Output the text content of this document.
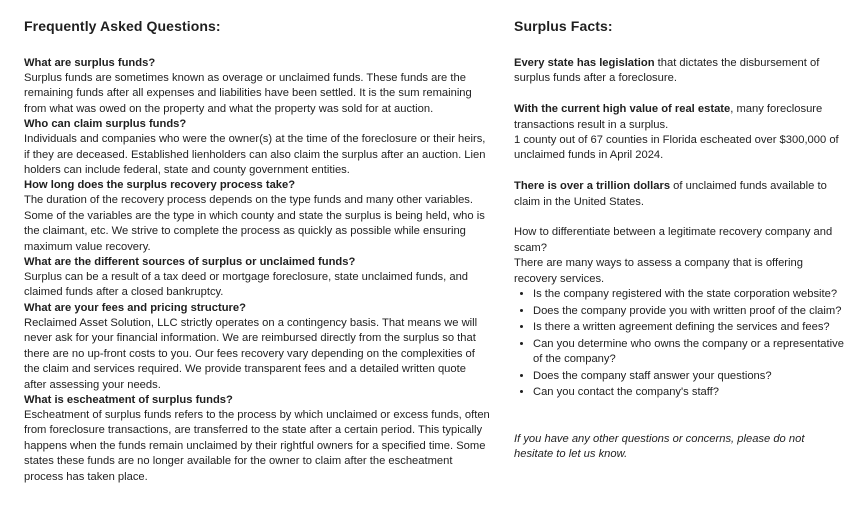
Frequently Asked Questions:

What are surplus funds?

Surplus funds are sometimes known as overage or unclaimed funds. These funds are the remaining funds after all expenses and liabilities have been settled. It is the sum remaining from what was owed on the property and what the property was sold for at auction.

Who can claim surplus funds?

Individuals and companies who were the owner(s) at the time of the foreclosure or their heirs, if they are deceased. Established lienholders can also claim the surplus after an auction. Lien holders can include federal, state and county government entities.

How long does the surplus recovery process take?

The duration of the recovery process depends on the type funds and many other variables. Some of the variables are the type in which county and state the surplus is being held, who is the claimant, etc. We strive to complete the process as quickly as possible while ensuring maximum value recovery.

What are the different sources of surplus or unclaimed funds?

Surplus can be a result of a tax deed or mortgage foreclosure, state unclaimed funds, and claimed funds after a closed bankruptcy.

What are your fees and pricing structure?

Reclaimed Asset Solution, LLC strictly operates on a contingency basis. That means we will never ask for your financial information. We are reimbursed directly from the surplus so that there are no up-front costs to you. Our fees recovery vary depending on the complexities of the claim and services required. We provide transparent fees and a detailed written quote after assessing your needs.

What is escheatment of surplus funds?

Escheatment of surplus funds refers to the process by which unclaimed or excess funds, often from foreclosure transactions, are transferred to the state after a certain period. This typically happens when the funds remain unclaimed by their rightful owners for a specified time. Some states these funds are no longer available for the owner to claim after the escheatment process has taken place.

Surplus Facts:
Every state has legislation that dictates the disbursement of surplus funds after a foreclosure.

With the current high value of real estate, many foreclosure transactions result in a surplus.

1 county out of 67 counties in Florida escheated over $300,000 of unclaimed funds in April 2024.

There is over a trillion dollars of unclaimed funds available to claim in the United States.

How to differentiate between a legitimate recovery company and scam?

There are many ways to assess a company that is offering recovery services.

• Is the company registered with the state corporation website?
• Does the company provide you with written proof of the claim?
• Is there a written agreement defining the services and fees?
• Can you determine who owns the company or a representative of the company?
• Does the company staff answer your questions?
• Can you contact the company's staff?

If you have any other questions or concerns, please do not hesitate to let us know.
